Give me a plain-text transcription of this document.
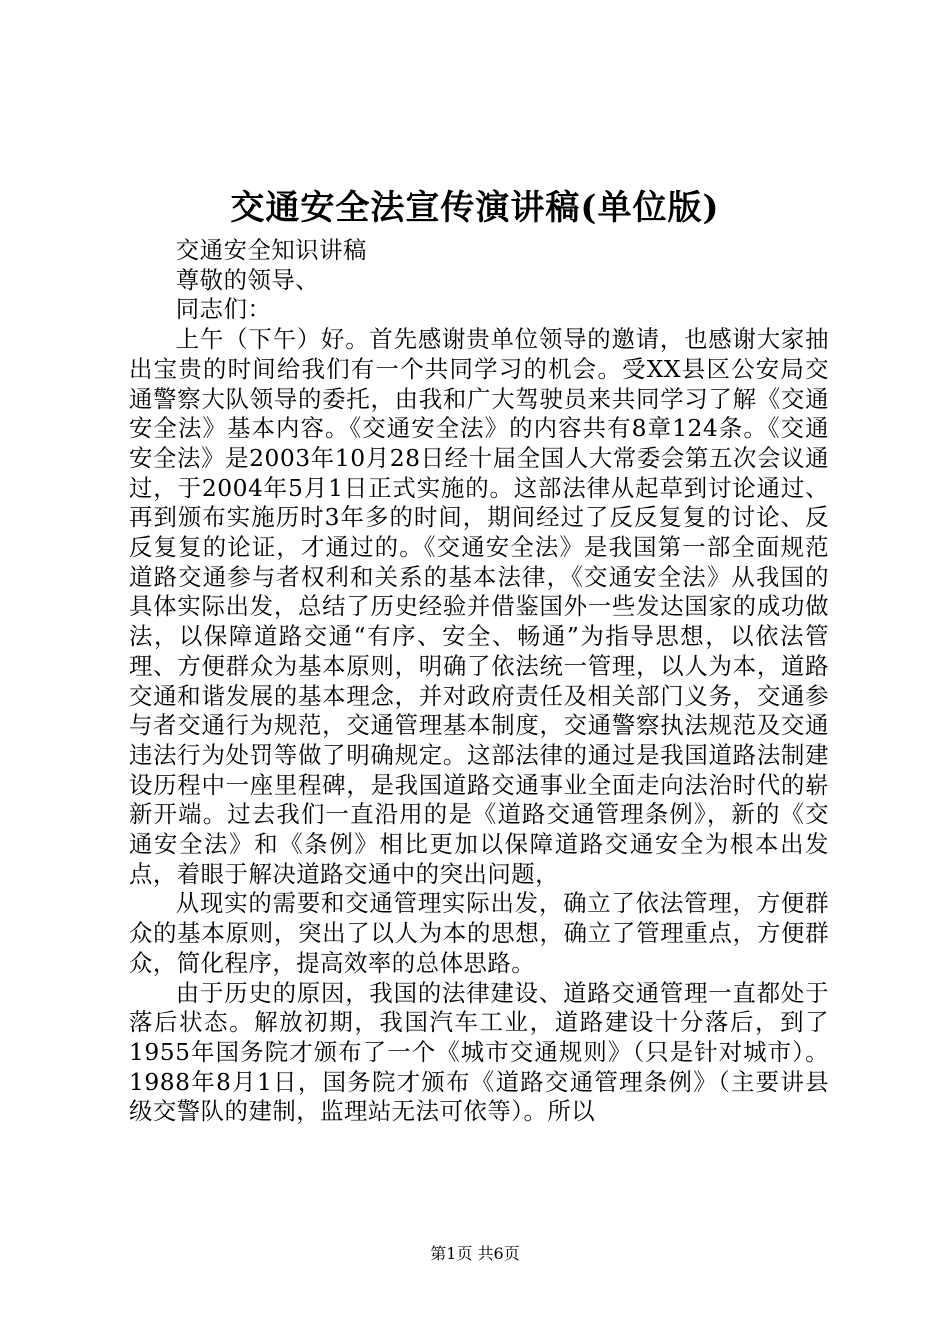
交通安全法宣传演讲稿(单位版)

交通安全知识讲稿

尊敬的领导、

同志们：

上午（下午）好。首先感谢贵单位领导的邀请，也感谢大家抽出宝贵的时间给我们有一个共同学习的机会。受XX县区公安局交通警察大队领导的委托，由我和广大驾驶员来共同学习了解《交通安全法》基本内容。《交通安全法》的内容共有8章124条。《交通安全法》是2003年10月28日经十届全国人大常委会第五次会议通过，于2004年5月1日正式实施的。这部法律从起草到讨论通过、再到颁布实施历时3年多的时间，期间经过了反反复复的讨论、反反复复的论证，才通过的。《交通安全法》是我国第一部全面规范道路交通参与者权利和关系的基本法律，《交通安全法》从我国的具体实际出发，总结了历史经验并借鉴国外一些发达国家的成功做法，以保障道路交通“有序、安全、畅通”为指导思想，以依法管理、方便群众为基本原则，明确了依法统一管理，以人为本，道路交通和谐发展的基本理念，并对政府责任及相关部门义务，交通参与者交通行为规范，交通管理基本制度，交通警察执法规范及交通违法行为处罚等做了明确规定。这部法律的通过是我国道路法制建设历程中一座里程碑，是我国道路交通事业全面走向法治时代的崭新开端。过去我们一直沿用的是《道路交通管理条例》，新的《交通安全法》和《条例》相比更加以保障道路交通安全为根本出发点，着眼于解决道路交通中的突出问题，

从现实的需要和交通管理实际出发，确立了依法管理，方便群众的基本原则，突出了以人为本的思想，确立了管理重点，方便群众，简化程序，提高效率的总体思路。

由于历史的原因，我国的法律建设、道路交通管理一直都处于落后状态。解放初期，我国汽车工业，道路建设十分落后，到了1955年国务院才颁布了一个《城市交通规则》（只是针对城市）。1988年8月1日，国务院才颁布《道路交通管理条例》（主要讲县级交警队的建制，监理站无法可依等）。所以

第1页 共6页
